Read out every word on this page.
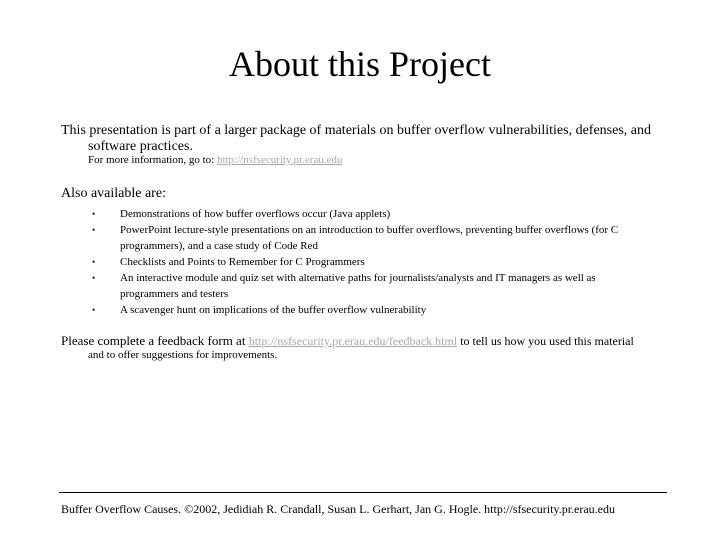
About this Project

This presentation is part of a larger package of materials on buffer overflow vulnerabilities, defenses, and software practices.

For more information, go to: http://nsfsecurity.pr.erau.edu

Also available are:

•	Demonstrations of how buffer overflows occur (Java applets)
•	PowerPoint lecture-style presentations on an introduction to buffer overflows, preventing buffer overflows (for C programmers), and a case study of Code Red
•	Checklists and Points to Remember for C Programmers
•	An interactive module and quiz set with alternative paths for journalists/analysts and IT managers as well as programmers and testers
•	A scavenger hunt on implications of the buffer overflow vulnerability

Please complete a feedback form at http://nsfsecurity.pr.erau.edu/feedback.html to tell us how you used this material
and to offer suggestions for improvements.

Buffer Overflow Causes. ©2002, Jedidiah R. Crandall, Susan L. Gerhart, Jan G. Hogle. http://sfsecurity.pr.erau.edu
